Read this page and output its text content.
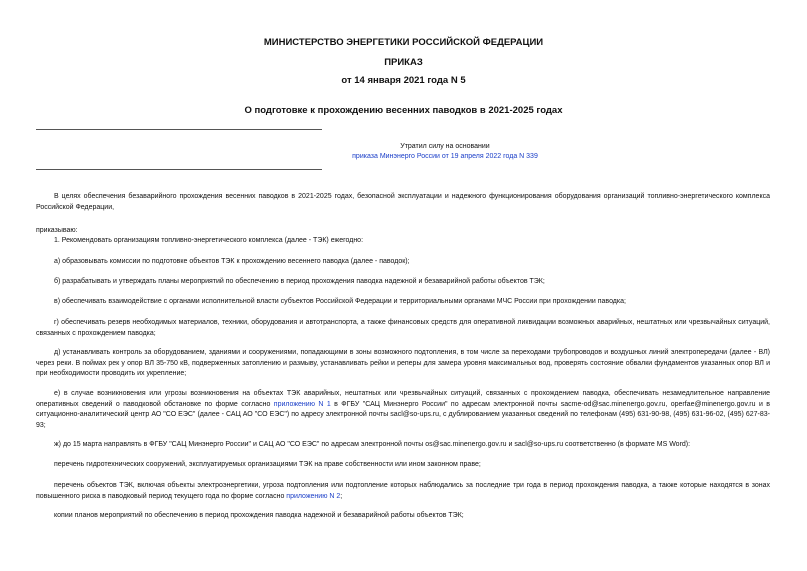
МИНИСТЕРСТВО ЭНЕРГЕТИКИ РОССИЙСКОЙ ФЕДЕРАЦИИ
ПРИКАЗ
от 14 января 2021 года N 5
О подготовке к прохождению весенних паводков в 2021-2025 годах
Утратил силу на основании
приказа Минэнерго России от 19 апреля 2022 года N 339
В целях обеспечения безаварийного прохождения весенних паводков в 2021-2025 годах, безопасной эксплуатации и надежного функционирования оборудования организаций топливно-энергетического комплекса Российской Федерации,
приказываю:
1. Рекомендовать организациям топливно-энергетического комплекса (далее - ТЭК) ежегодно:
а) образовывать комиссии по подготовке объектов ТЭК к прохождению весеннего паводка (далее - паводок);
б) разрабатывать и утверждать планы мероприятий по обеспечению в период прохождения паводка надежной и безаварийной работы объектов ТЭК;
в) обеспечивать взаимодействие с органами исполнительной власти субъектов Российской Федерации и территориальными органами МЧС России при прохождении паводка;
г) обеспечивать резерв необходимых материалов, техники, оборудования и автотранспорта, а также финансовых средств для оперативной ликвидации возможных аварийных, нештатных или чрезвычайных ситуаций, связанных с прохождением паводка;
д) устанавливать контроль за оборудованием, зданиями и сооружениями, попадающими в зоны возможного подтопления, в том числе за переходами трубопроводов и воздушных линий электропередачи (далее - ВЛ) через реки. В поймах рек у опор ВЛ 35-750 кВ, подверженных затоплению и размыву, устанавливать рейки и реперы для замера уровня максимальных вод, проверять состояние обвалки фундаментов указанных опор ВЛ и при необходимости проводить их укрепление;
е) в случае возникновения или угрозы возникновения на объектах ТЭК аварийных, нештатных или чрезвычайных ситуаций, связанных с прохождением паводка, обеспечивать незамедлительное направление оперативных сведений о паводковой обстановке по форме согласно приложению N 1 в ФГБУ "САЦ Минэнерго России" по адресам электронной почты sacme-od@sac.minenergo.gov.ru, operfae@minenergo.gov.ru и в ситуационно-аналитический центр АО "СО ЕЭС" (далее - САЦ АО "СО ЕЭС") по адресу электронной почты sacl@so-ups.ru, с дублированием указанных сведений по телефонам (495) 631-90-98, (495) 631-96-02, (495) 627-83-93;
ж) до 15 марта направлять в ФГБУ "САЦ Минэнерго России" и САЦ АО "СО ЕЭС" по адресам электронной почты os@sac.minenergo.gov.ru и sacl@so-ups.ru соответственно (в формате MS Word):
перечень гидротехнических сооружений, эксплуатируемых организациями ТЭК на праве собственности или ином законном праве;
перечень объектов ТЭК, включая объекты электроэнергетики, угроза подтопления или подтопление которых наблюдались за последние три года в период прохождения паводка, а также которые находятся в зонах повышенного риска в паводковый период текущего года по форме согласно приложению N 2;
копии планов мероприятий по обеспечению в период прохождения паводка надежной и безаварийной работы объектов ТЭК;
